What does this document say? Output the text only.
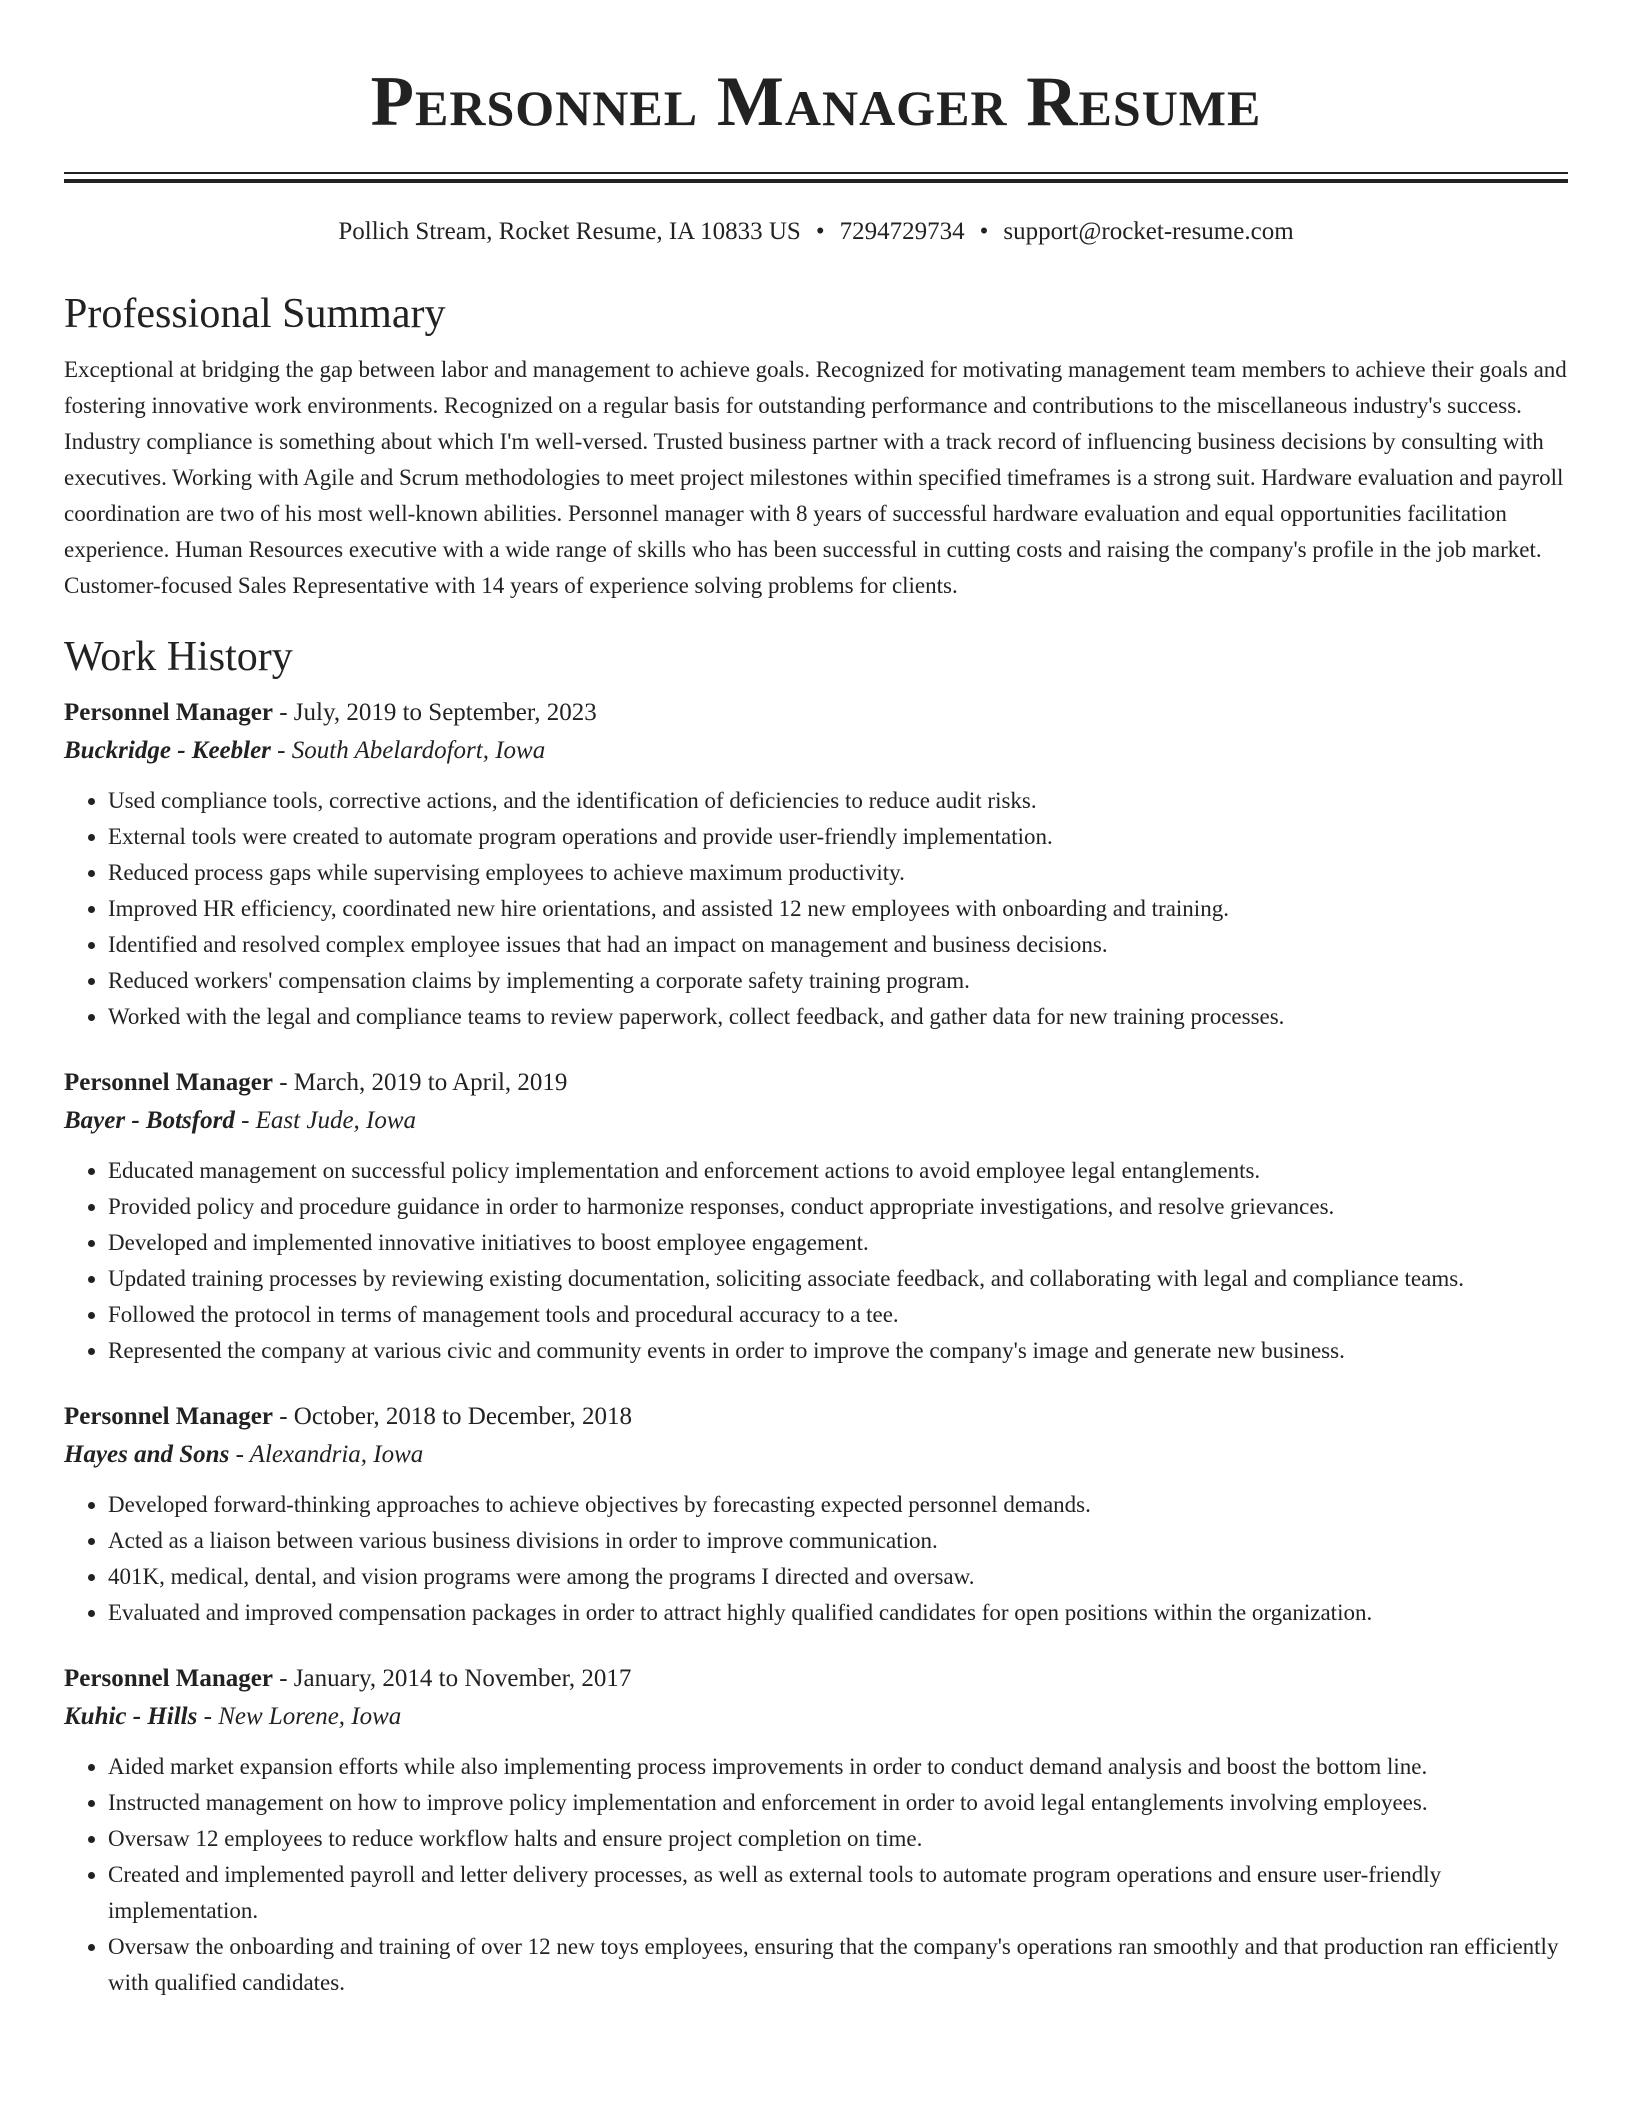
Personnel Manager Resume
Pollich Stream, Rocket Resume, IA 10833 US • 7294729734 • support@rocket-resume.com
Professional Summary

Exceptional at bridging the gap between labor and management to achieve goals. Recognized for motivating management team members to achieve their goals and fostering innovative work environments. Recognized on a regular basis for outstanding performance and contributions to the miscellaneous industry's success. Industry compliance is something about which I'm well-versed. Trusted business partner with a track record of influencing business decisions by consulting with executives. Working with Agile and Scrum methodologies to meet project milestones within specified timeframes is a strong suit. Hardware evaluation and payroll coordination are two of his most well-known abilities. Personnel manager with 8 years of successful hardware evaluation and equal opportunities facilitation experience. Human Resources executive with a wide range of skills who has been successful in cutting costs and raising the company's profile in the job market. Customer-focused Sales Representative with 14 years of experience solving problems for clients.

Work History
Personnel Manager - July, 2019 to September, 2023
Buckridge - Keebler - South Abelardofort, Iowa
• Used compliance tools, corrective actions, and the identification of deficiencies to reduce audit risks.
• External tools were created to automate program operations and provide user-friendly implementation.
• Reduced process gaps while supervising employees to achieve maximum productivity.
• Improved HR efficiency, coordinated new hire orientations, and assisted 12 new employees with onboarding and training.
• Identified and resolved complex employee issues that had an impact on management and business decisions.
• Reduced workers' compensation claims by implementing a corporate safety training program.
• Worked with the legal and compliance teams to review paperwork, collect feedback, and gather data for new training processes.
Personnel Manager - March, 2019 to April, 2019
Bayer - Botsford - East Jude, Iowa
• Educated management on successful policy implementation and enforcement actions to avoid employee legal entanglements.
• Provided policy and procedure guidance in order to harmonize responses, conduct appropriate investigations, and resolve grievances.
• Developed and implemented innovative initiatives to boost employee engagement.
• Updated training processes by reviewing existing documentation, soliciting associate feedback, and collaborating with legal and compliance teams.
• Followed the protocol in terms of management tools and procedural accuracy to a tee.
• Represented the company at various civic and community events in order to improve the company's image and generate new business.
Personnel Manager - October, 2018 to December, 2018
Hayes and Sons - Alexandria, Iowa
• Developed forward-thinking approaches to achieve objectives by forecasting expected personnel demands.
• Acted as a liaison between various business divisions in order to improve communication.
• 401K, medical, dental, and vision programs were among the programs I directed and oversaw.
• Evaluated and improved compensation packages in order to attract highly qualified candidates for open positions within the organization.
Personnel Manager - January, 2014 to November, 2017
Kuhic - Hills - New Lorene, Iowa
• Aided market expansion efforts while also implementing process improvements in order to conduct demand analysis and boost the bottom line.
• Instructed management on how to improve policy implementation and enforcement in order to avoid legal entanglements involving employees.
• Oversaw 12 employees to reduce workflow halts and ensure project completion on time.
• Created and implemented payroll and letter delivery processes, as well as external tools to automate program operations and ensure user-friendly implementation.
• Oversaw the onboarding and training of over 12 new toys employees, ensuring that the company's operations ran smoothly and that production ran efficiently with qualified candidates.
